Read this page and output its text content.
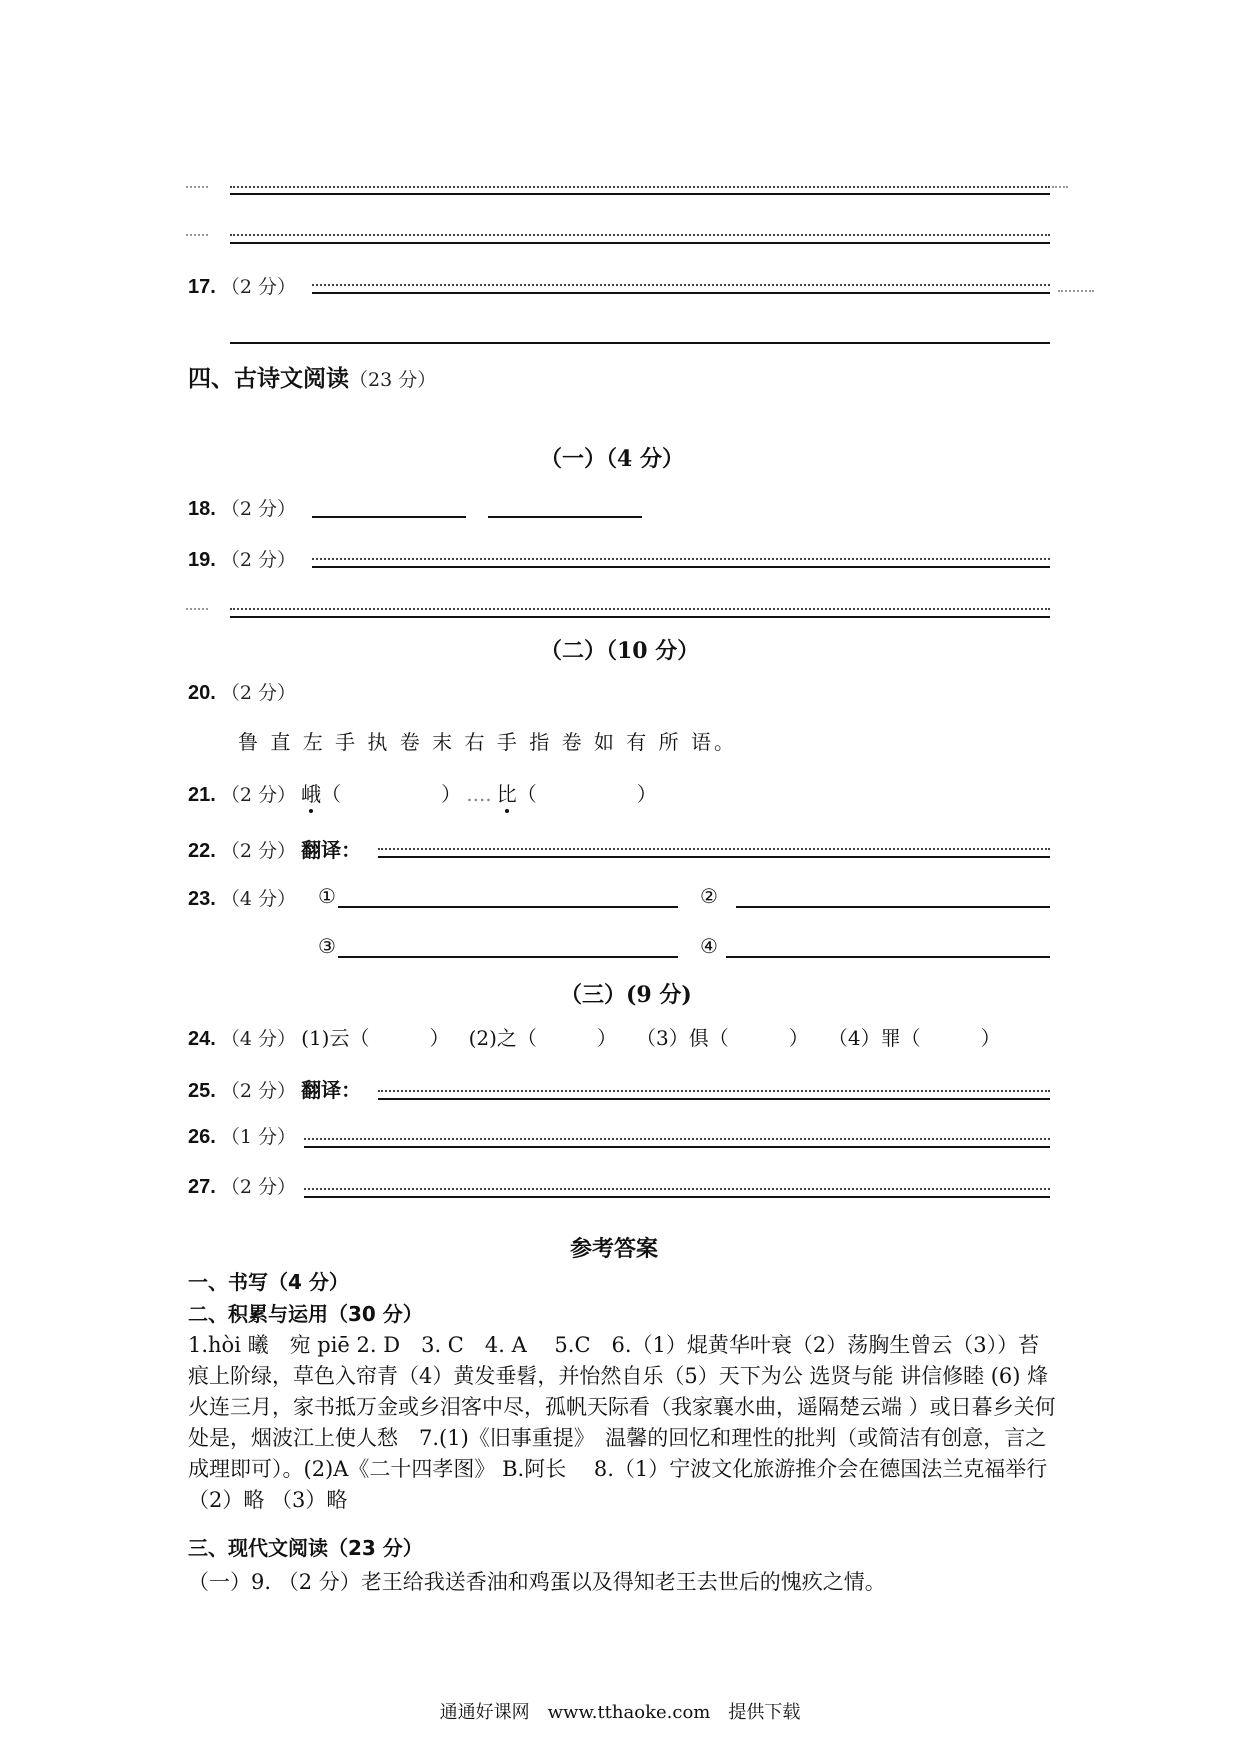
17. （2 分）
四、古诗文阅读（23 分）
（一）（4 分）
18. （2 分）
19. （2 分）
（二）（10 分）
20. （2 分）
鲁 直 左 手 执 卷 末 右 手 指 卷 如 有 所 语。
21. （2 分） 峨（　　　　　） .... 比（　　　　　）
22. （2 分） 翻译：
23. （4 分） ①	②
③	④
（三）(9 分)
24. （4 分） (1)云（　　　） (2)之（　　　） （3）俱（　　　） （4）罪（　　　）
25. （2 分） 翻译：
26. （1 分）
27. （2 分）
参考答案
一、书写（4 分）
二、积累与运用（30 分）
1.hòi 曦　宛 piē 2. D　3. C　4. A　 5.C　6.（1）焜黄华叶衰（2）荡胸生曾云（3））苔痕上阶绿，草色入帘青（4）黄发垂髫，并怡然自乐（5）天下为公 选贤与能 讲信修睦 (6) 烽火连三月，家书抵万金或乡泪客中尽，孤帆天际看（我家襄水曲，遥隔楚云端 ）或日暮乡关何处是，烟波江上使人愁　7.(1)《旧事重提》　温馨的回忆和理性的批判（或简洁有创意，言之成理即可）。(2)A《二十四孝图》 B.阿长　 8.（1）宁波文化旅游推介会在德国法兰克福举行 （2）略 （3）略
三、现代文阅读（23 分）
（一）9. （2 分）老王给我送香油和鸡蛋以及得知老王去世后的愧疚之情。
通通好课网　www.tthaoke.com　提供下载
